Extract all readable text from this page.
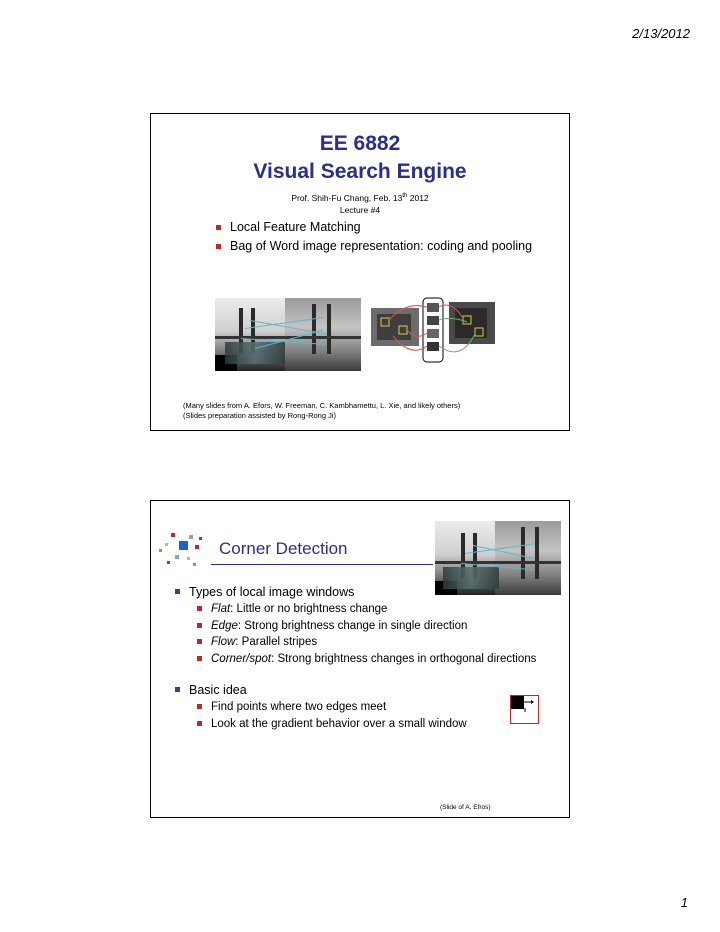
2/13/2012
EE 6882
Visual Search Engine
Prof. Shih-Fu Chang, Feb. 13th 2012
Lecture #4
Local Feature Matching
Bag of Word image representation: coding and pooling
(Many slides from A. Efors, W. Freeman, C. Kambhamettu, L. Xie, and likely others)
(Slides preparation assisted by Rong-Rong Ji)
Corner Detection
Types of local image windows
Flat: Little or no brightness change
Edge: Strong brightness change in single direction
Flow: Parallel stripes
Corner/spot: Strong brightness changes in orthogonal directions
Basic idea
Find points where two edges meet
Look at the gradient behavior over a small window
(Slide of A. Efros)
1
